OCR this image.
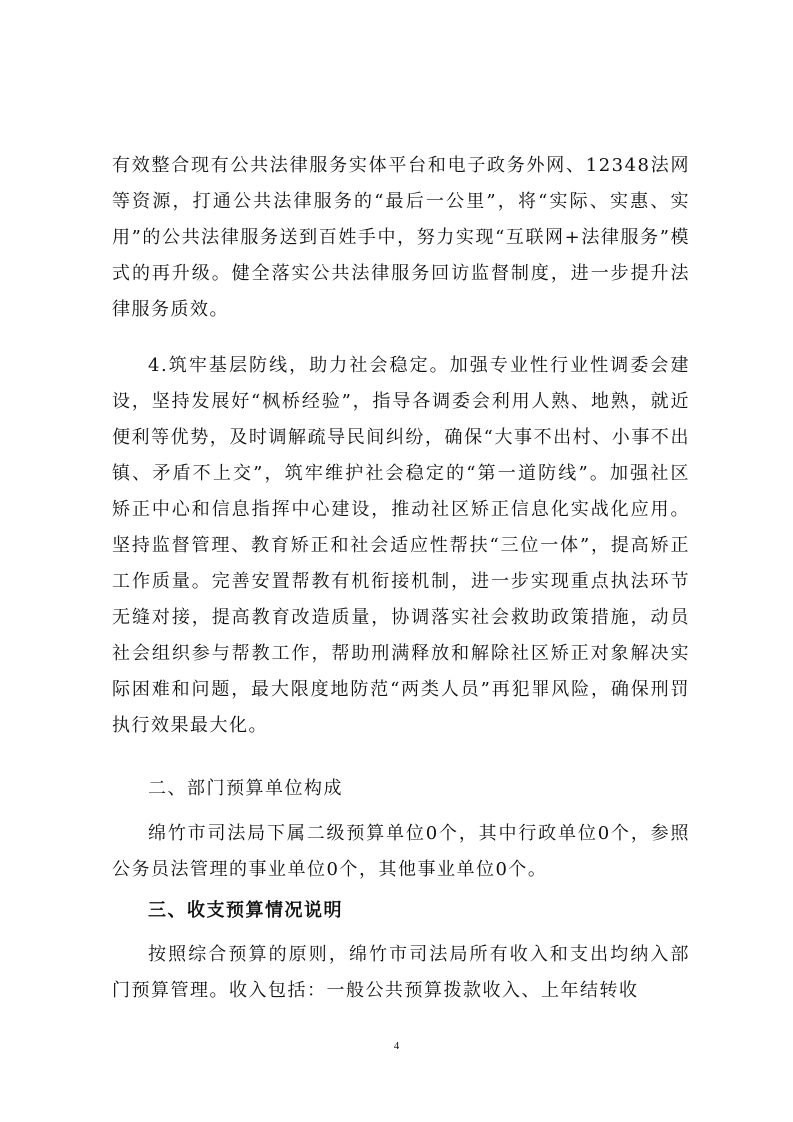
有效整合现有公共法律服务实体平台和电子政务外网、12348法网等资源，打通公共法律服务的“最后一公里”，将“实际、实惠、实用”的公共法律服务送到百姓手中，努力实现“互联网+法律服务”模式的再升级。健全落实公共法律服务回访监督制度，进一步提升法律服务质效。

4.筑牢基层防线，助力社会稳定。加强专业性行业性调委会建设，坚持发展好“枫桥经验”，指导各调委会利用人熟、地熟，就近便利等优势，及时调解疏导民间纠纷，确保“大事不出村、小事不出镇、矛盾不上交”，筑牢维护社会稳定的“第一道防线”。加强社区矫正中心和信息指挥中心建设，推动社区矫正信息化实战化应用。坚持监督管理、教育矫正和社会适应性帮扶“三位一体”，提高矫正工作质量。完善安置帮教有机衔接机制，进一步实现重点执法环节无缝对接，提高教育改造质量，协调落实社会救助政策措施，动员社会组织参与帮教工作，帮助刑满释放和解除社区矫正对象解决实际困难和问题，最大限度地防范“两类人员”再犯罪风险，确保刑罚执行效果最大化。

二、部门预算单位构成

绵竹市司法局下属二级预算单位0个，其中行政单位0个，参照公务员法管理的事业单位0个，其他事业单位0个。

三、收支预算情况说明

按照综合预算的原则，绵竹市司法局所有收入和支出均纳入部门预算管理。收入包括：一般公共预算拨款收入、上年结转收

4
